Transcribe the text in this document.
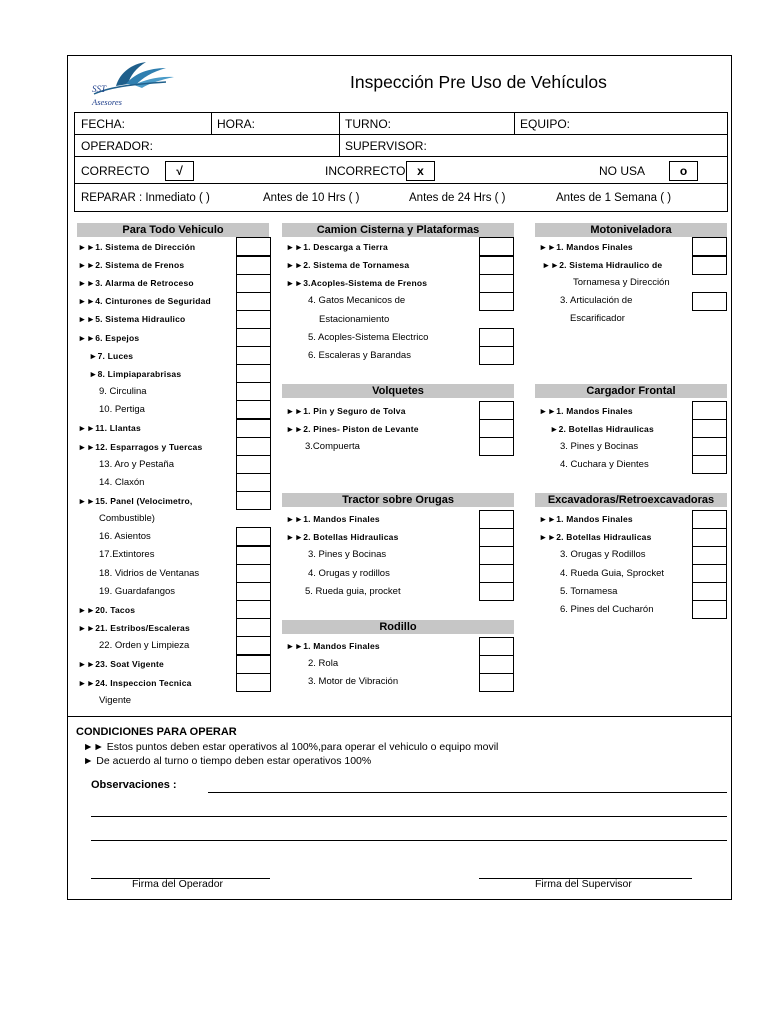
SST
Asesores
Inspección Pre Uso de Vehículos
FECHA:	HORA:	TURNO:	EQUIPO:
OPERADOR:	SUPERVISOR:
CORRECTO	√	INCORRECTO x	NO USA	o
REPARAR : Inmediato ( )	Antes de 10 Hrs ( )	Antes de 24 Hrs ( )	Antes de 1 Semana ( )
Para Todo Vehiculo	Camion Cisterna y Plataformas
Volquetes
Tractor sobre Orugas
Rodillo
Motoniveladora
Cargador Frontal
Excavadoras/Retroexcavadoras
►►1. Sistema de Dirección
►►2. Sistema de Frenos
►►3. Alarma de Retroceso
►►4. Cinturones de Seguridad
►►5. Sistema Hidraulico
►►6. Espejos
►7. Luces
►8. Limpiaparabrisas
9. Circulina
10. Pertiga
►►11. Llantas
►►12. Esparragos y Tuercas
13. Aro y Pestaña
14. Claxón
►►15. Panel (Velocimetro,
Combustible)
16. Asientos
17.Extintores
18. Vidrios de Ventanas
19. Guardafangos
►►20. Tacos
►►21. Estribos/Escaleras
22. Orden y Limpieza
►►23. Soat Vigente
►►24. Inspeccion Tecnica
Vigente
►►1. Descarga a Tierra
►►2. Sistema de Tornamesa
►►3.Acoples-Sistema de Frenos
4. Gatos Mecanicos de
Estacionamiento
5. Acoples-Sistema Electrico
6. Escaleras y Barandas
►►1. Pin y Seguro de Tolva
►►2. Pines- Piston de Levante
3.Compuerta
►►1. Mandos Finales
►►2. Botellas Hidraulicas
3. Pines y Bocinas
4. Orugas y rodillos
5. Rueda guia, procket
►►1. Mandos Finales
2. Rola
3. Motor de Vibración
►►1. Mandos Finales
►►2. Sistema Hidraulico de
Tornamesa y Dirección
3. Articulación de
Escarificador
►►1. Mandos Finales
►2. Botellas Hidraulicas
3. Pines y Bocinas
4. Cuchara y Dientes
►►1. Mandos Finales
►►2. Botellas Hidraulicas
3. Orugas y Rodillos
4. Rueda Guia, Sprocket
5. Tornamesa
6. Pines del Cucharón
CONDICIONES PARA OPERAR
►► Estos puntos deben estar operativos al 100%,para operar el vehiculo o equipo movil
► De acuerdo al turno o tiempo deben estar operativos 100%
Observaciones :
Firma del Operador	Firma del Supervisor
